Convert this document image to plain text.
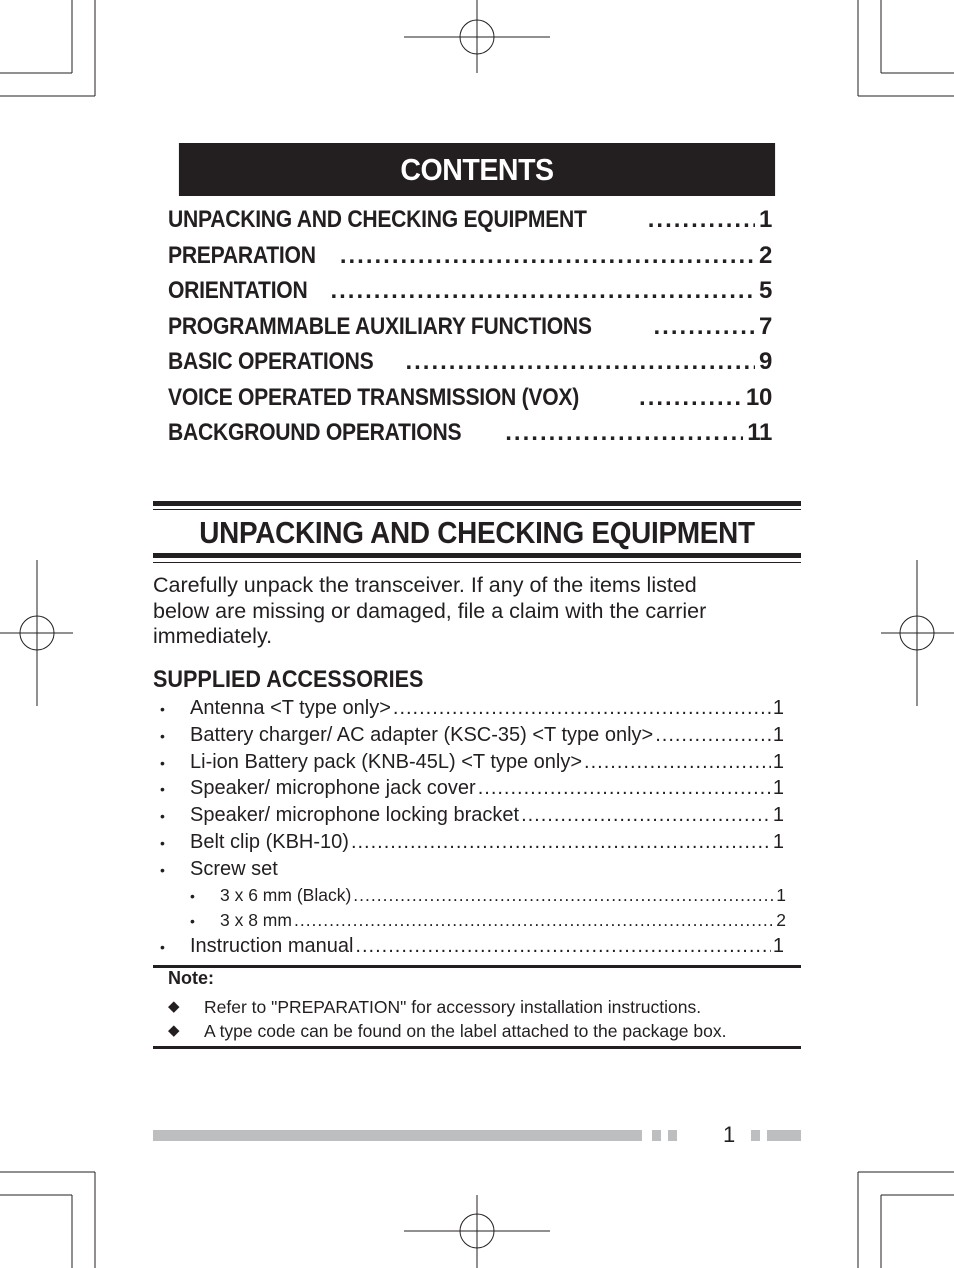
CONTENTS
UNPACKING AND CHECKING EQUIPMENT .....	1
PREPARATION .....	2
ORIENTATION .....	5
PROGRAMMABLE AUXILIARY FUNCTIONS .....	7
BASIC OPERATIONS .....	9
VOICE OPERATED TRANSMISSION (VOX) .....	10
BACKGROUND OPERATIONS .....	11
UNPACKING AND CHECKING EQUIPMENT
Carefully unpack the transceiver. If any of the items listed
below are missing or damaged, file a claim with the carrier
immediately.
SUPPLIED ACCESSORIES
•	Antenna <T type only> .....	1
•	Battery charger/ AC adapter (KSC-35) <T type only> .....	1
•	Li-ion Battery pack (KNB-45L) <T type only> .....	1
•	Speaker/ microphone jack cover .....	1
•	Speaker/ microphone locking bracket .....	1
•	Belt clip (KBH-10) .....	1
•	Screw set
•	3 x 6 mm (Black) .....	1
•	3 x 8 mm .....	2
•	Instruction manual .....	1
Note:
◆	Refer to "PREPARATION" for accessory installation instructions.
◆	A type code can be found on the label attached to the package box.
1
